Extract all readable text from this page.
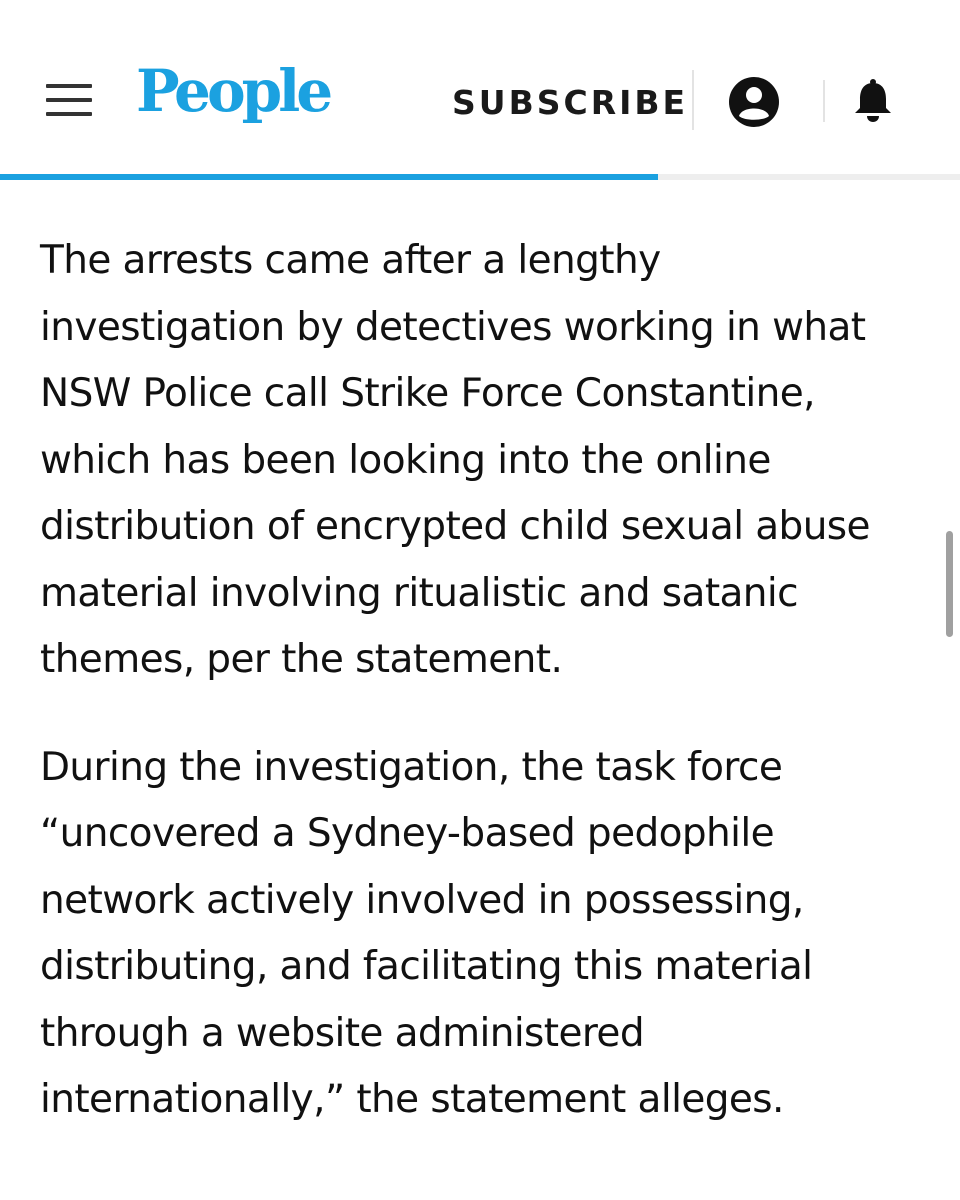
People	SUBSCRIBE

The arrests came after a lengthy
investigation by detectives working in what
NSW Police call Strike Force Constantine,
which has been looking into the online
distribution of encrypted child sexual abuse
material involving ritualistic and satanic
themes, per the statement.

During the investigation, the task force
“uncovered a Sydney-based pedophile
network actively involved in possessing,
distributing, and facilitating this material
through a website administered
internationally,” the statement alleges.
